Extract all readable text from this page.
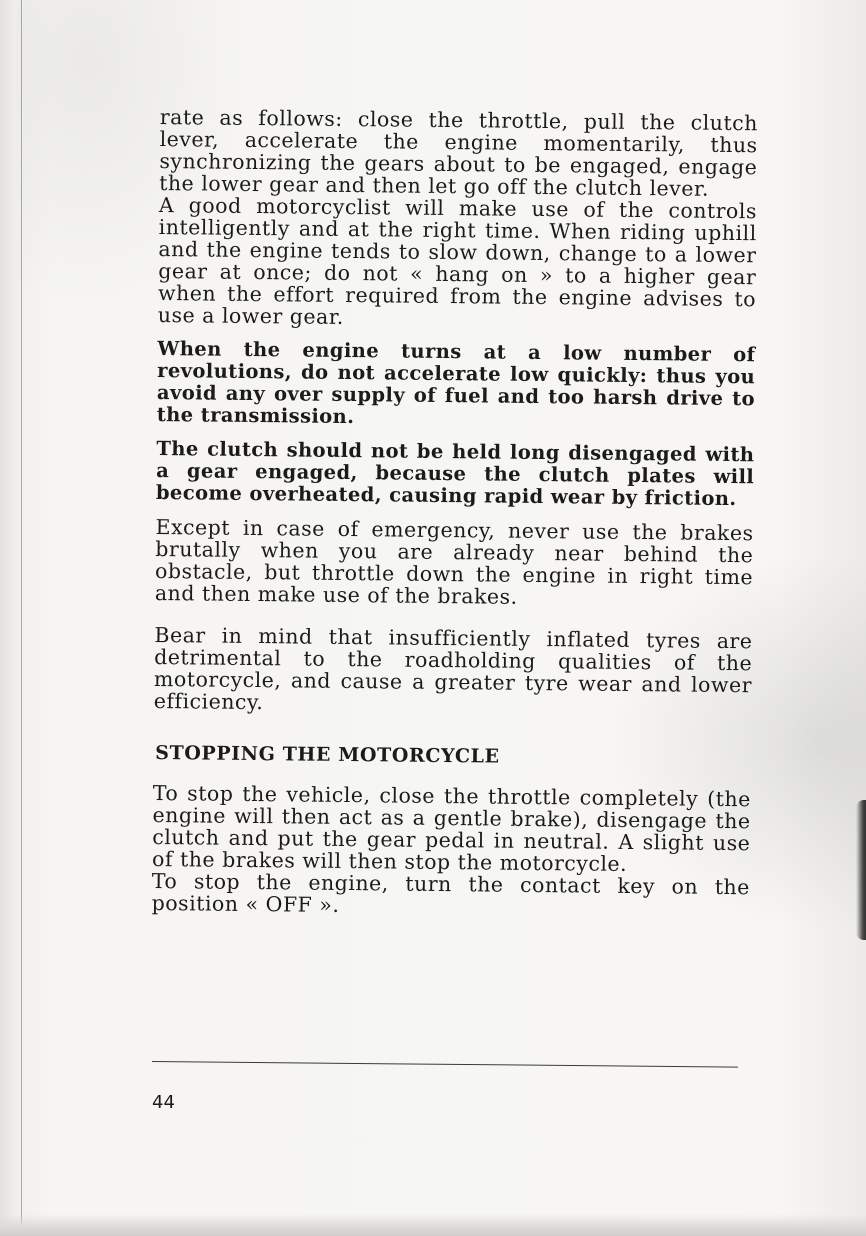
rate as follows: close the throttle, pull the clutch lever, accelerate the engine momentarily, thus synchronizing the gears about to be engaged, engage the lower gear and then let go off the clutch lever.

A good motorcyclist will make use of the controls intelligently and at the right time. When riding uphill and the engine tends to slow down, change to a lower gear at once; do not « hang on » to a higher gear when the effort required from the engine advises to use a lower gear.

When the engine turns at a low number of revolutions, do not accelerate low quickly: thus you avoid any over supply of fuel and too harsh drive to the transmission.

The clutch should not be held long disengaged with a gear engaged, because the clutch plates will become overheated, causing rapid wear by friction.

Except in case of emergency, never use the brakes brutally when you are already near behind the obstacle, but throttle down the engine in right time and then make use of the brakes.

Bear in mind that insufficiently inflated tyres are detrimental to the roadholding qualities of the motorcycle, and cause a greater tyre wear and lower efficiency.

STOPPING THE MOTORCYCLE

To stop the vehicle, close the throttle completely (the engine will then act as a gentle brake), disengage the clutch and put the gear pedal in neutral. A slight use of the brakes will then stop the motorcycle.

To stop the engine, turn the contact key on the position « OFF ».

44
